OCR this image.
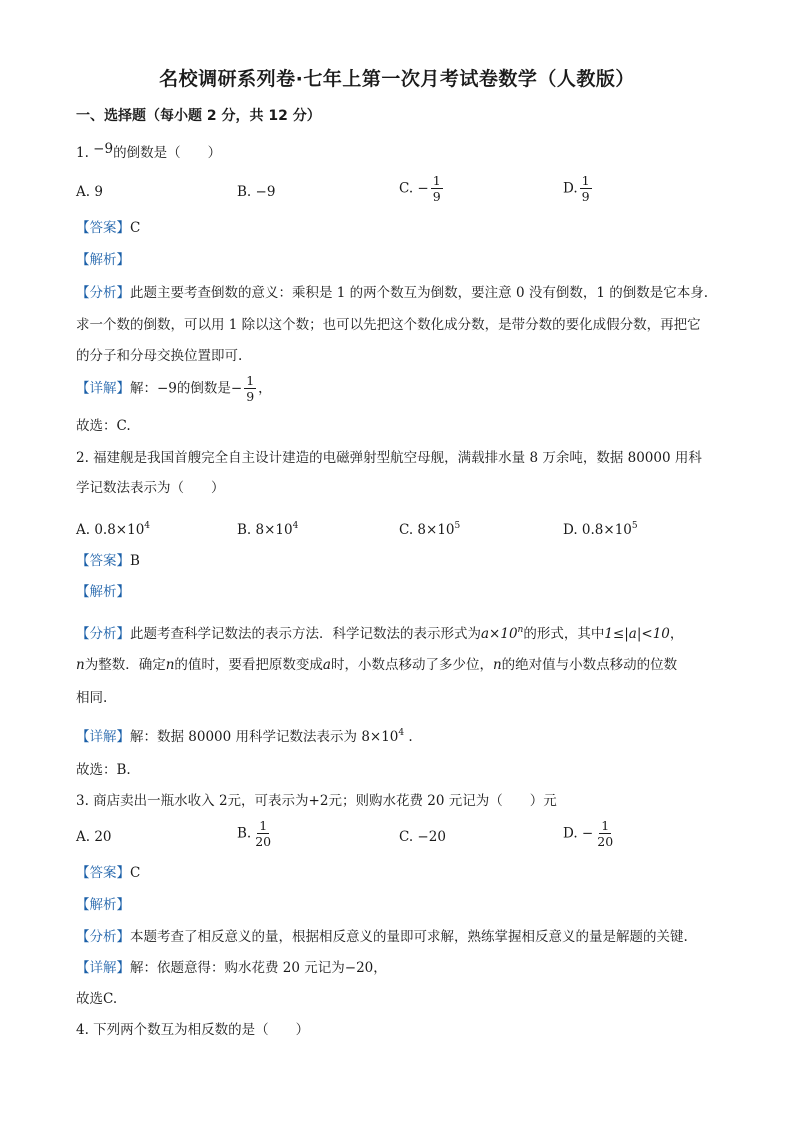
名校调研系列卷·七年上第一次月考试卷数学（人教版）
一、选择题（每小题 2 分，共 12 分）
1. −9的倒数是（　　）
A. 9	B. −9	C. − $\frac{1}{9}$	D. $\frac{1}{9}$
【答案】C
【解析】
【分析】此题主要考查倒数的意义：乘积是 1 的两个数互为倒数，要注意 0 没有倒数，1 的倒数是它本身.
求一个数的倒数，可以用 1 除以这个数；也可以先把这个数化成分数，是带分数的要化成假分数，再把它
的分子和分母交换位置即可.
【详解】解：−9的倒数是− $\frac{1}{9}$ ，
故选：C.
2. 福建舰是我国首艘完全自主设计建造的电磁弹射型航空母舰，满载排水量 8 万余吨，数据 80000 用科
学记数法表示为（　　）
A. $0.8\times 10^4$	B. $8\times 10^4$	C. $8\times 10^5$	D. $0.8\times 10^5$
【答案】B
【解析】
【分析】此题考查科学记数法的表示方法．科学记数法的表示形式为$a\times 10^n$的形式，其中1≤|a|<10，
n为整数．确定n的值时，要看把原数变成a时，小数点移动了多少位，n的绝对值与小数点移动的位数
相同.
【详解】解：数据 80000 用科学记数法表示为 $8\times 10^4$ .
故选：B.
3. 商店卖出一瓶水收入 2元，可表示为+2元；则购水花费 20 元记为（　　）元
A. 20	B. $\frac{1}{20}$	C. −20	D. − $\frac{1}{20}$
【答案】C
【解析】
【分析】本题考查了相反意义的量，根据相反意义的量即可求解，熟练掌握相反意义的量是解题的关键.
【详解】解：依题意得：购水花费 20 元记为−20，
故选C.
4. 下列两个数互为相反数的是（　　）
